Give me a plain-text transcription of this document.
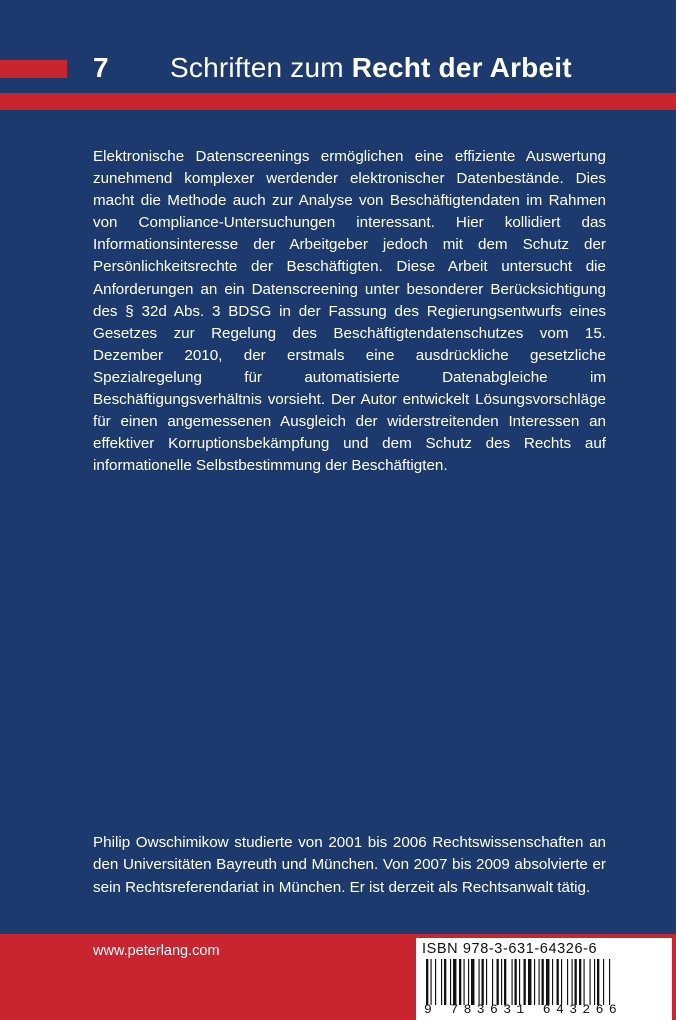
7 Schriften zum Recht der Arbeit
Elektronische Datenscreenings ermöglichen eine effiziente Auswertung zunehmend komplexer werdender elektronischer Datenbestände. Dies macht die Methode auch zur Analyse von Beschäftigtendaten im Rahmen von Compliance-Untersuchungen interessant. Hier kollidiert das Informationsinteresse der Arbeitgeber jedoch mit dem Schutz der Persönlichkeitsrechte der Beschäftigten. Diese Arbeit untersucht die Anforderungen an ein Datenscreening unter besonderer Berücksichtigung des § 32d Abs. 3 BDSG in der Fassung des Regierungsentwurfs eines Gesetzes zur Regelung des Beschäftigtendatenschutzes vom 15. Dezember 2010, der erstmals eine ausdrückliche gesetzliche Spezialregelung für automatisierte Datenabgleiche im Beschäftigungsverhältnis vorsieht. Der Autor entwickelt Lösungsvorschläge für einen angemessenen Ausgleich der widerstreitenden Interessen an effektiver Korruptionsbekämpfung und dem Schutz des Rechts auf informationelle Selbstbestimmung der Beschäftigten.
Philip Owschimikow studierte von 2001 bis 2006 Rechtswissenschaften an den Universitäten Bayreuth und München. Von 2007 bis 2009 absolvierte er sein Rechtsreferendariat in München. Er ist derzeit als Rechtsanwalt tätig.
www.peterlang.com	ISBN 978-3-631-64326-6
9 783631 643266
